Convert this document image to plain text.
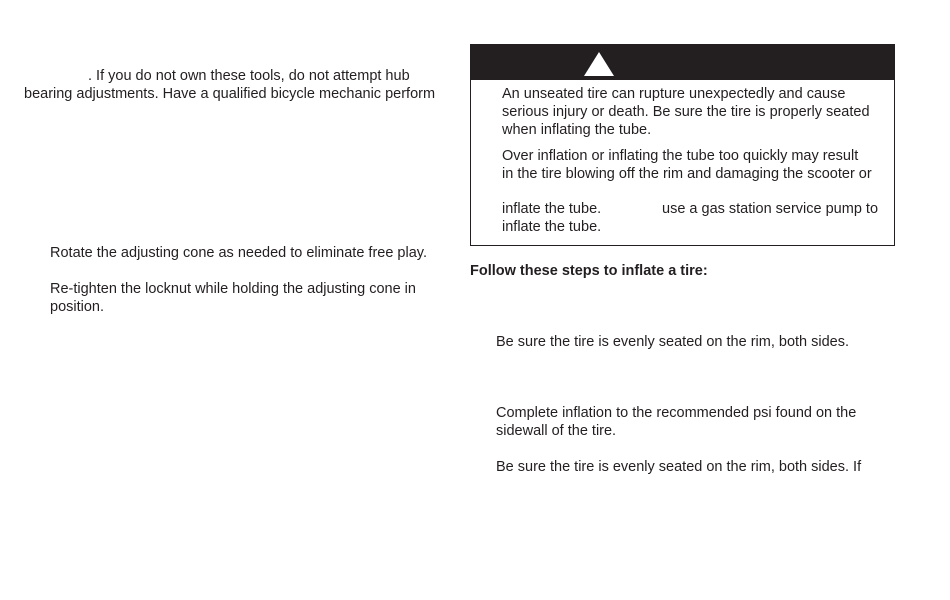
. If you do not own these tools, do not attempt hub

bearing adjustments. Have a qualified bicycle mechanic perform

Rotate the adjusting cone as needed to eliminate free play.

Re-tighten the locknut while holding the adjusting cone in

position.

An unseated tire can rupture unexpectedly and cause

serious injury or death. Be sure the tire is properly seated

when inflating the tube.

Over inflation or inflating the tube too quickly may result

in the tire blowing off the rim and damaging the scooter or

inflate the tube.	use a gas station service pump to

inflate the tube.

Follow these steps to inflate a tire:

Be sure the tire is evenly seated on the rim, both sides.

Complete inflation to the recommended psi found on the

sidewall of the tire.

Be sure the tire is evenly seated on the rim, both sides. If
